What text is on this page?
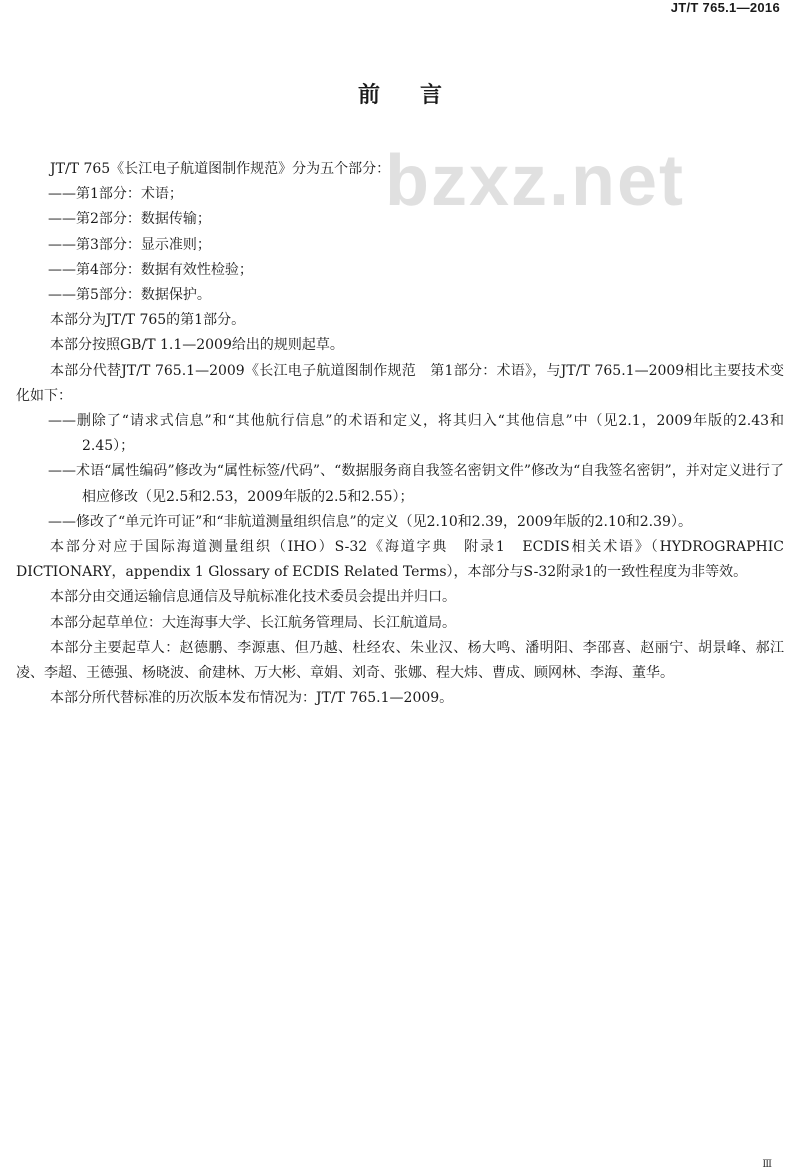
JT/T 765.1—2016
前言
bzxz.net

JT/T 765《长江电子航道图制作规范》分为五个部分：

——第1部分：术语；

——第2部分：数据传输；

——第3部分：显示准则；

——第4部分：数据有效性检验；

——第5部分：数据保护。

本部分为JT/T 765的第1部分。

本部分按照GB/T 1.1—2009给出的规则起草。

本部分代替JT/T 765.1—2009《长江电子航道图制作规范　第1部分：术语》，与JT/T 765.1—2009相比主要技术变化如下：

——删除了“请求式信息”和“其他航行信息”的术语和定义，将其归入“其他信息”中（见2.1，2009年版的2.43和2.45）；

——术语“属性编码”修改为“属性标签/代码”、“数据服务商自我签名密钥文件”修改为“自我签名密钥”，并对定义进行了相应修改（见2.5和2.53，2009年版的2.5和2.55）；

——修改了“单元许可证”和“非航道测量组织信息”的定义（见2.10和2.39，2009年版的2.10和2.39）。

本部分对应于国际海道测量组织（IHO）S-32《海道字典　附录1　ECDIS相关术语》（HYDROGRAPHIC DICTIONARY，appendix 1 Glossary of ECDIS Related Terms），本部分与S-32附录1的一致性程度为非等效。

本部分由交通运输信息通信及导航标准化技术委员会提出并归口。

本部分起草单位：大连海事大学、长江航务管理局、长江航道局。

本部分主要起草人：赵德鹏、李源惠、但乃越、杜经农、朱业汉、杨大鸣、潘明阳、李邵喜、赵丽宁、胡景峰、郝江凌、李超、王德强、杨晓波、俞建林、万大彬、章娟、刘奇、张娜、程大炜、曹成、顾网林、李海、董华。

本部分所代替标准的历次版本发布情况为：JT/T 765.1—2009。

Ⅲ
